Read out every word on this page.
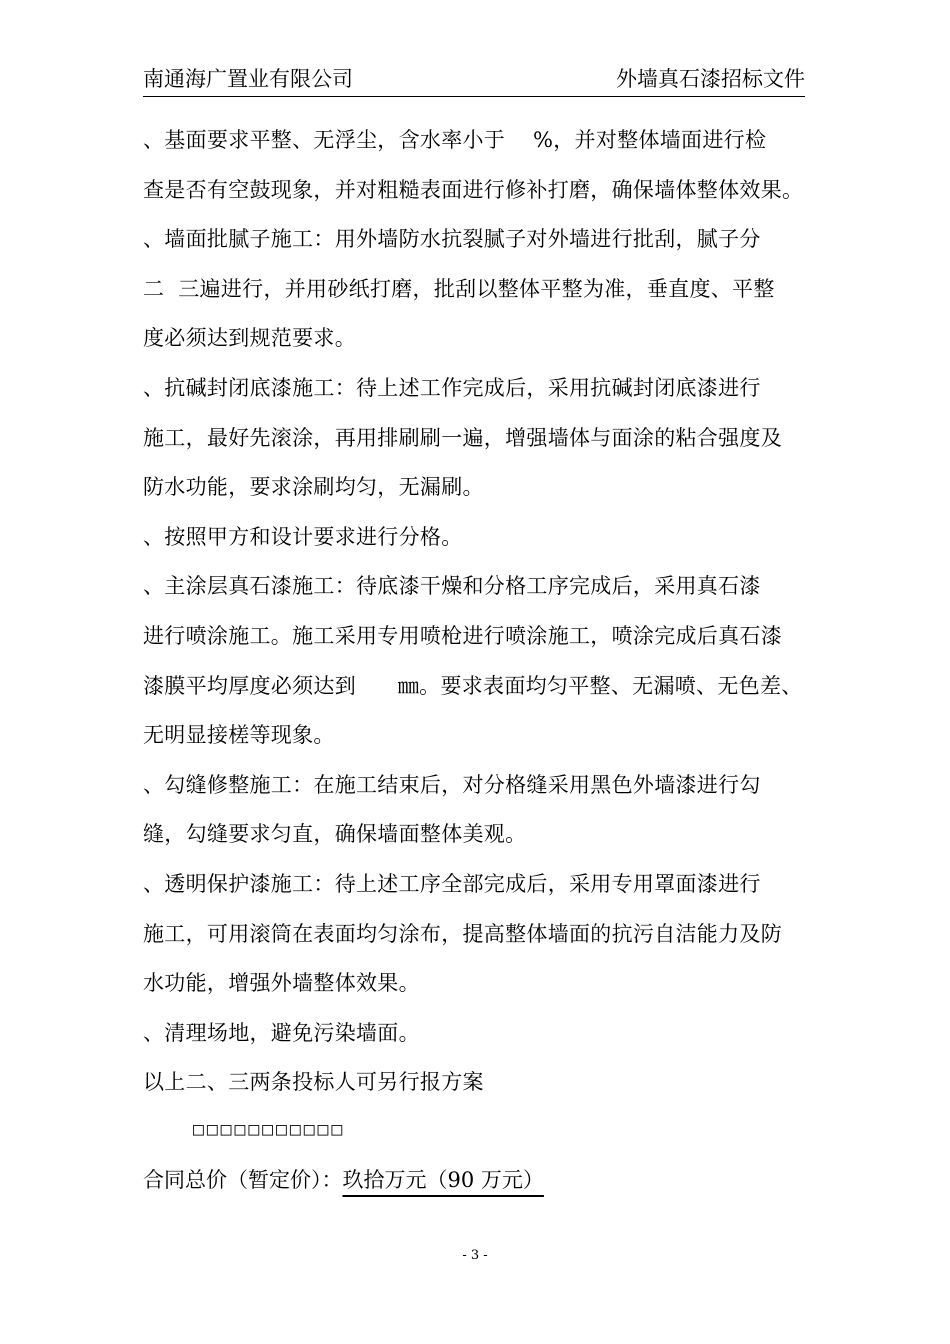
南通海广置业有限公司	外墙真石漆招标文件
、基面要求平整、无浮尘，含水率小于    %，并对整体墙面进行检
查是否有空鼓现象，并对粗糙表面进行修补打磨，确保墙体整体效果。
、墙面批腻子施工：用外墙防水抗裂腻子对外墙进行批刮，腻子分
二  三遍进行，并用砂纸打磨，批刮以整体平整为准，垂直度、平整
度必须达到规范要求。
、抗碱封闭底漆施工：待上述工作完成后，采用抗碱封闭底漆进行
施工，最好先滚涂，再用排刷刷一遍，增强墙体与面涂的粘合强度及
防水功能，要求涂刷均匀，无漏刷。
、按照甲方和设计要求进行分格。
、主涂层真石漆施工：待底漆干燥和分格工序完成后，采用真石漆
进行喷涂施工。施工采用专用喷枪进行喷涂施工，喷涂完成后真石漆
漆膜平均厚度必须达到      ㎜。要求表面均匀平整、无漏喷、无色差、
无明显接槎等现象。
、勾缝修整施工：在施工结束后，对分格缝采用黑色外墙漆进行勾
缝，勾缝要求匀直，确保墙面整体美观。
、透明保护漆施工：待上述工序全部完成后，采用专用罩面漆进行
施工，可用滚筒在表面均匀涂布，提高整体墙面的抗污自洁能力及防
水功能，增强外墙整体效果。
、清理场地，避免污染墙面。
以上二、三两条投标人可另行报方案
□□□□□□□□□□□
合同总价（暂定价）：玖拾万元（90 万元）
- 3 -
